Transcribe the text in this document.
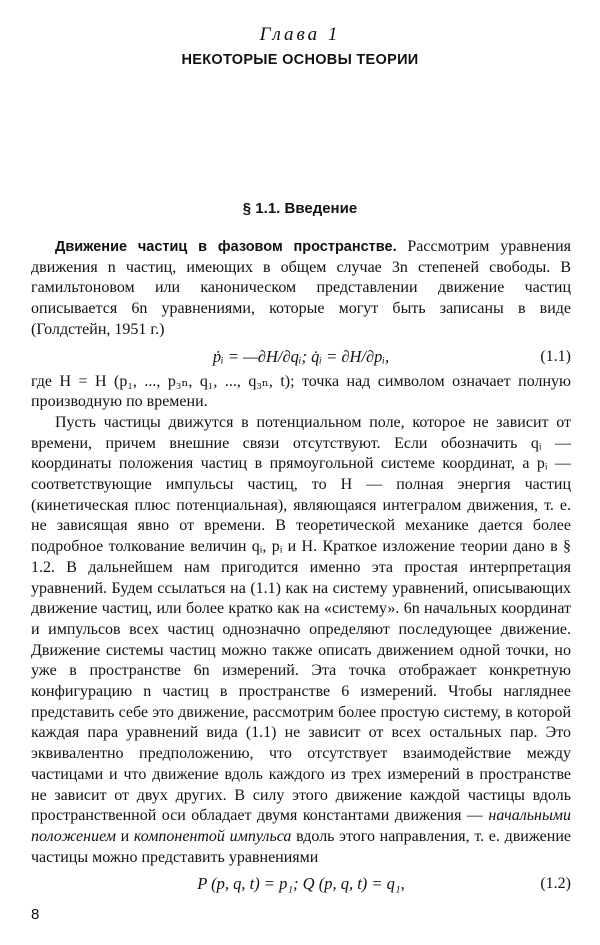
Глава 1
НЕКОТОРЫЕ ОСНОВЫ ТЕОРИИ
§ 1.1. Введение

Движение частиц в фазовом пространстве. Рассмотрим уравнения движения n частиц, имеющих в общем случае 3n степеней свободы. В гамильтоновом или каноническом представлении движение частиц описывается 6n уравнениями, которые могут быть записаны в виде (Голдстейн, 1951 г.)

ṗᵢ = —∂H/∂qᵢ; q̇ᵢ = ∂H/∂pᵢ,	(1.1)

где H = H (p₁, ..., p₃ₙ, q₁, ..., q₃ₙ, t); точка над символом означает полную производную по времени.

Пусть частицы движутся в потенциальном поле, которое не зависит от времени, причем внешние связи отсутствуют. Если обозначить qᵢ — координаты положения частиц в прямоугольной системе координат, а pᵢ — соответствующие импульсы частиц, то H — полная энергия частиц (кинетическая плюс потенциальная), являющаяся интегралом движения, т. е. не зависящая явно от времени. В теоретической механике дается более подробное толкование величин qᵢ, pᵢ и H. Краткое изложение теории дано в § 1.2. В дальнейшем нам пригодится именно эта простая интерпретация уравнений. Будем ссылаться на (1.1) как на систему уравнений, описывающих движение частиц, или более кратко как на «систему». 6n начальных координат и импульсов всех частиц однозначно определяют последующее движение. Движение системы частиц можно также описать движением одной точки, но уже в пространстве 6n измерений. Эта точка отображает конкретную конфигурацию n частиц в пространстве 6 измерений. Чтобы нагляднее представить себе это движение, рассмотрим более простую систему, в которой каждая пара уравнений вида (1.1) не зависит от всех остальных пар. Это эквивалентно предположению, что отсутствует взаимодействие между частицами и что движение вдоль каждого из трех измерений в пространстве не зависит от двух других. В силу этого движение каждой частицы вдоль пространственной оси обладает двумя константами движения — начальными положением и компонентой импульса вдоль этого направления, т. е. движение частицы можно представить уравнениями

P (p, q, t) = p₁; Q (p, q, t) = q₁,	(1.2)
8
